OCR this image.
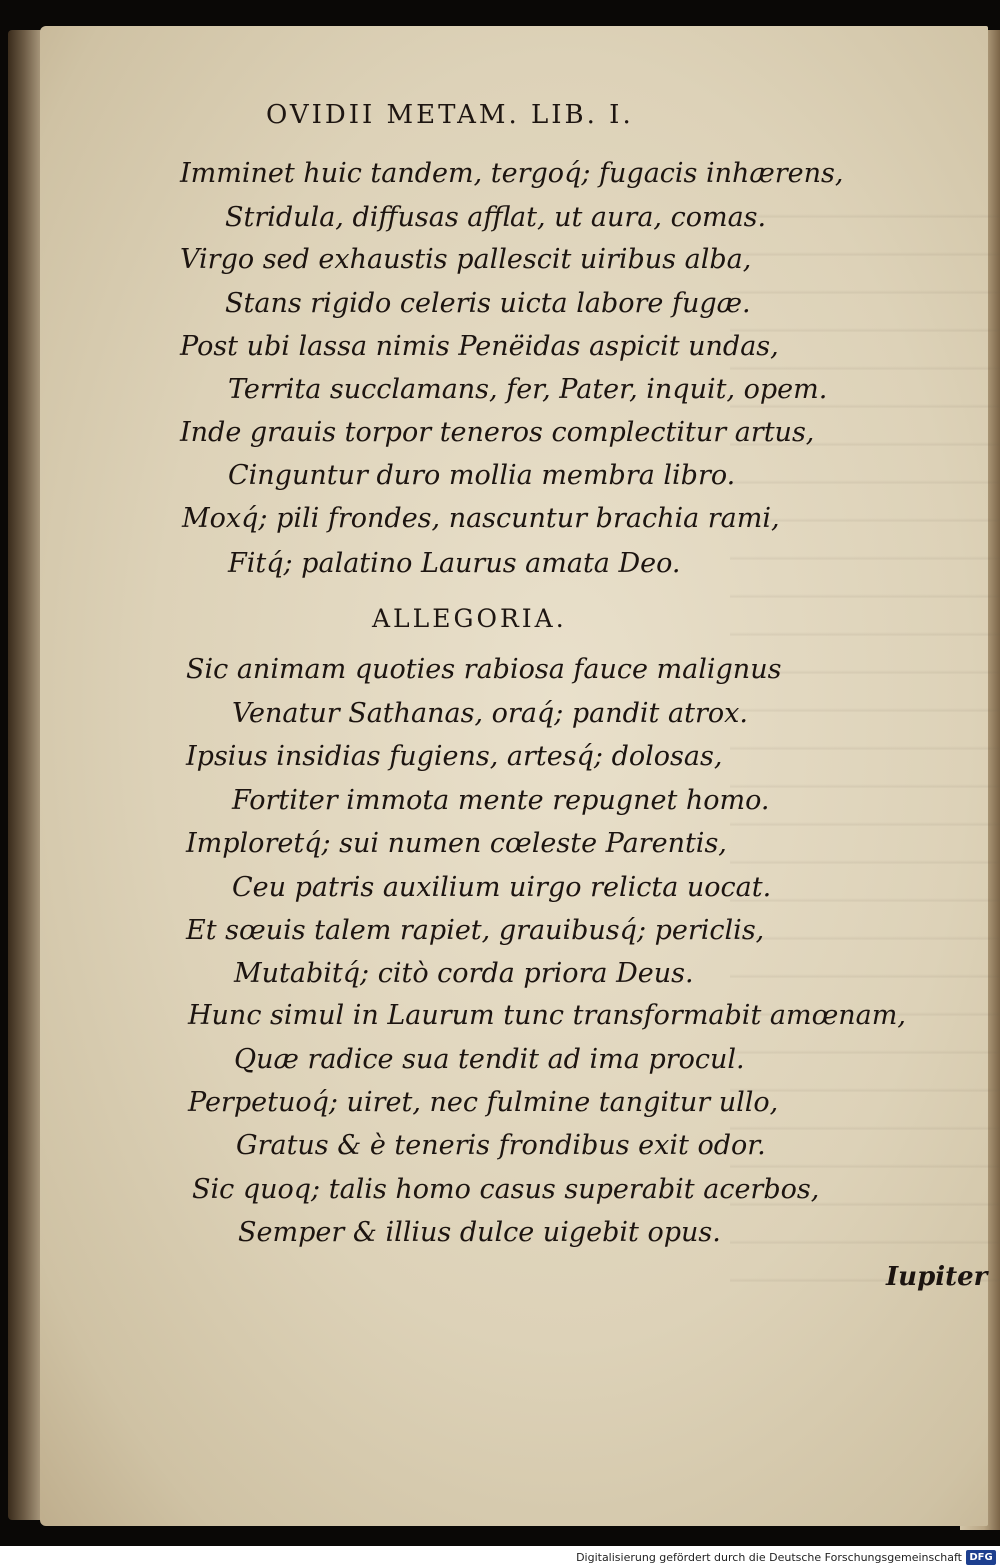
OVIDII METAM. LIB. I.
Imminet huic tandem, tergoq́; fugacis inhærens,
Stridula, diffusas afflat, ut aura, comas.
Virgo sed exhaustis pallescit uiribus alba,
Stans rigido celeris uicta labore fugæ.
Post ubi lassa nimis Penëidas aspicit undas,
Territa succlamans, fer, Pater, inquit, opem.
Inde grauis torpor teneros complectitur artus,
Cinguntur duro mollia membra libro.
Moxq́; pili frondes, nascuntur brachia rami,
Fitq́; palatino Laurus amata Deo.
ALLEGORIA.
Sic animam quoties rabiosa fauce malignus
Venatur Sathanas, oraq́; pandit atrox.
Ipsius insidias fugiens, artesq́; dolosas,
Fortiter immota mente repugnet homo.
Imploretq́; sui numen cœleste Parentis,
Ceu patris auxilium uirgo relicta uocat.
Et sœuis talem rapiet, grauibusq́; periclis,
Mutabitq́; citò corda priora Deus.
Hunc simul in Laurum tunc transformabit amœnam,
Quæ radice sua tendit ad ima procul.
Perpetuoq́; uiret, nec fulmine tangitur ullo,
Gratus & è teneris frondibus exit odor.
Sic quoq; talis homo casus superabit acerbos,
Semper & illius dulce uigebit opus.
Iupiter
Digitalisierung gefördert durch die Deutsche Forschungsgemeinschaft DFG
